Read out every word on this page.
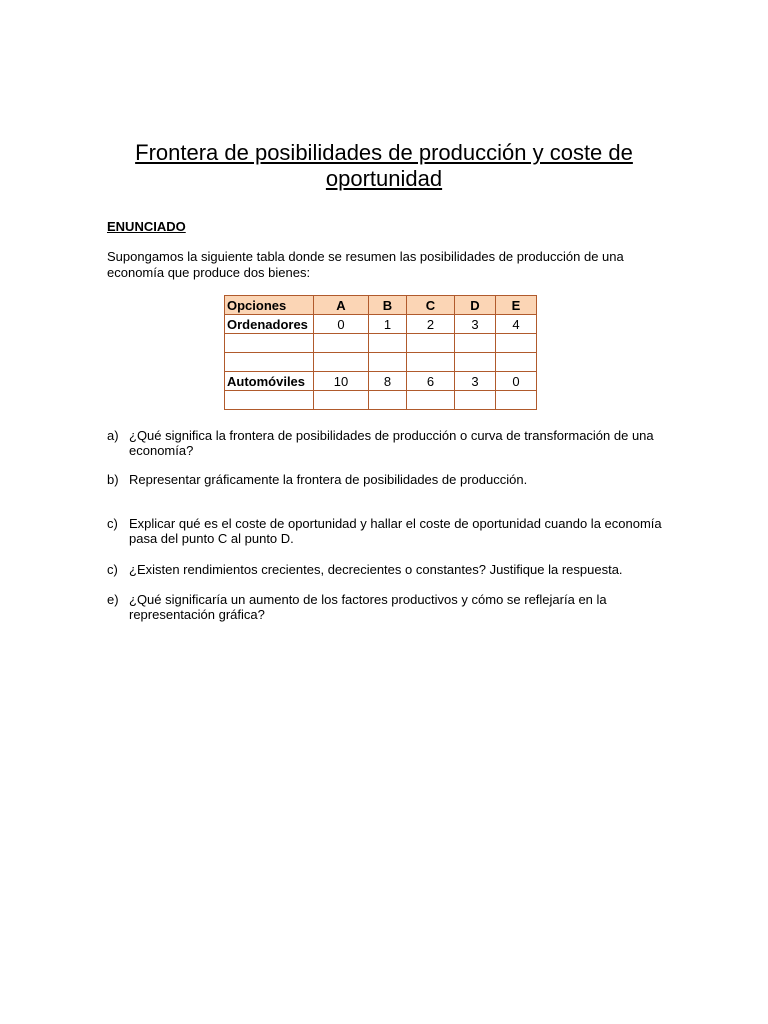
Frontera de posibilidades de producción y coste de oportunidad
ENUNCIADO
Supongamos la siguiente tabla donde se resumen las posibilidades de producción de una economía que produce dos bienes:
Opciones	A	B	C	D	E
Ordenadores	0	1	2	3	4

Automóviles	10	8	6	3	0

a) ¿Qué significa la frontera de posibilidades de producción o curva de transformación de una economía?
b) Representar gráficamente la frontera de posibilidades de producción.
c) Explicar qué es el coste de oportunidad y hallar el coste de oportunidad cuando la economía pasa del punto C al punto D.
c) ¿Existen rendimientos crecientes, decrecientes o constantes? Justifique la respuesta.
e) ¿Qué significaría un aumento de los factores productivos y cómo se reflejaría en la representación gráfica?
